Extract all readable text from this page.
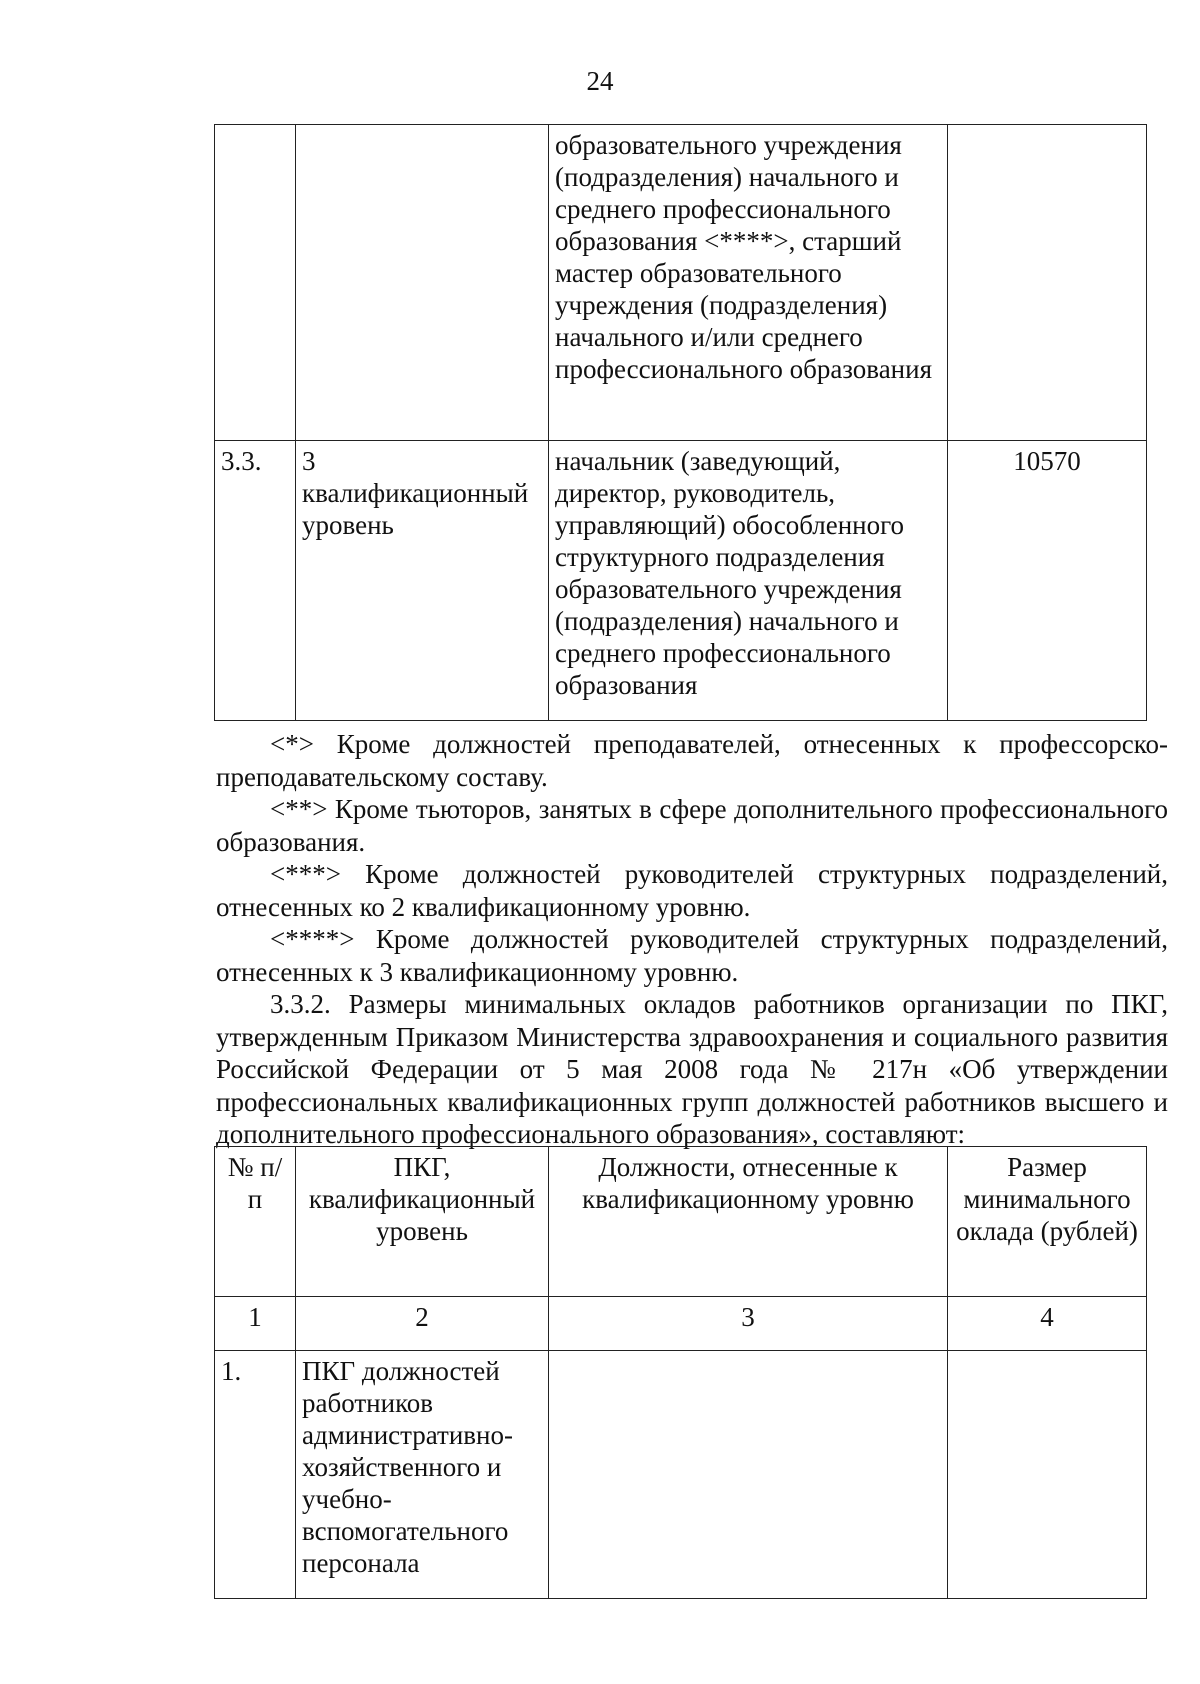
24
		образовательного учреждения (подразделения) начального и среднего профессионального образования <****>, старший мастер образовательного учреждения (подразделения) начального и/или среднего профессионального образования	
3.3.	3 квалификационный уровень	начальник (заведующий, директор, руководитель, управляющий) обособленного структурного подразделения образовательного учреждения (подразделения) начального и среднего профессионального образования	10570

<*> Кроме должностей преподавателей, отнесенных к профессорско-преподавательскому составу.

<**> Кроме тьюторов, занятых в сфере дополнительного профессионального образования.

<***> Кроме должностей руководителей структурных подразделений, отнесенных ко 2 квалификационному уровню.

<****> Кроме должностей руководителей структурных подразделений, отнесенных к 3 квалификационному уровню.

3.3.2. Размеры минимальных окладов работников организации по ПКГ, утвержденным Приказом Министерства здравоохранения и социального развития Российской Федерации от 5 мая 2008 года № 217н «Об утверждении профессиональных квалификационных групп должностей работников высшего и дополнительного профессионального образования», составляют:

№ п/п	ПКГ, квалификационный уровень	Должности, отнесенные к квалификационному уровню	Размер минимального оклада (рублей)
1	2	3	4
1.	ПКГ должностей работников административно-хозяйственного и учебно-вспомогательного персонала		
